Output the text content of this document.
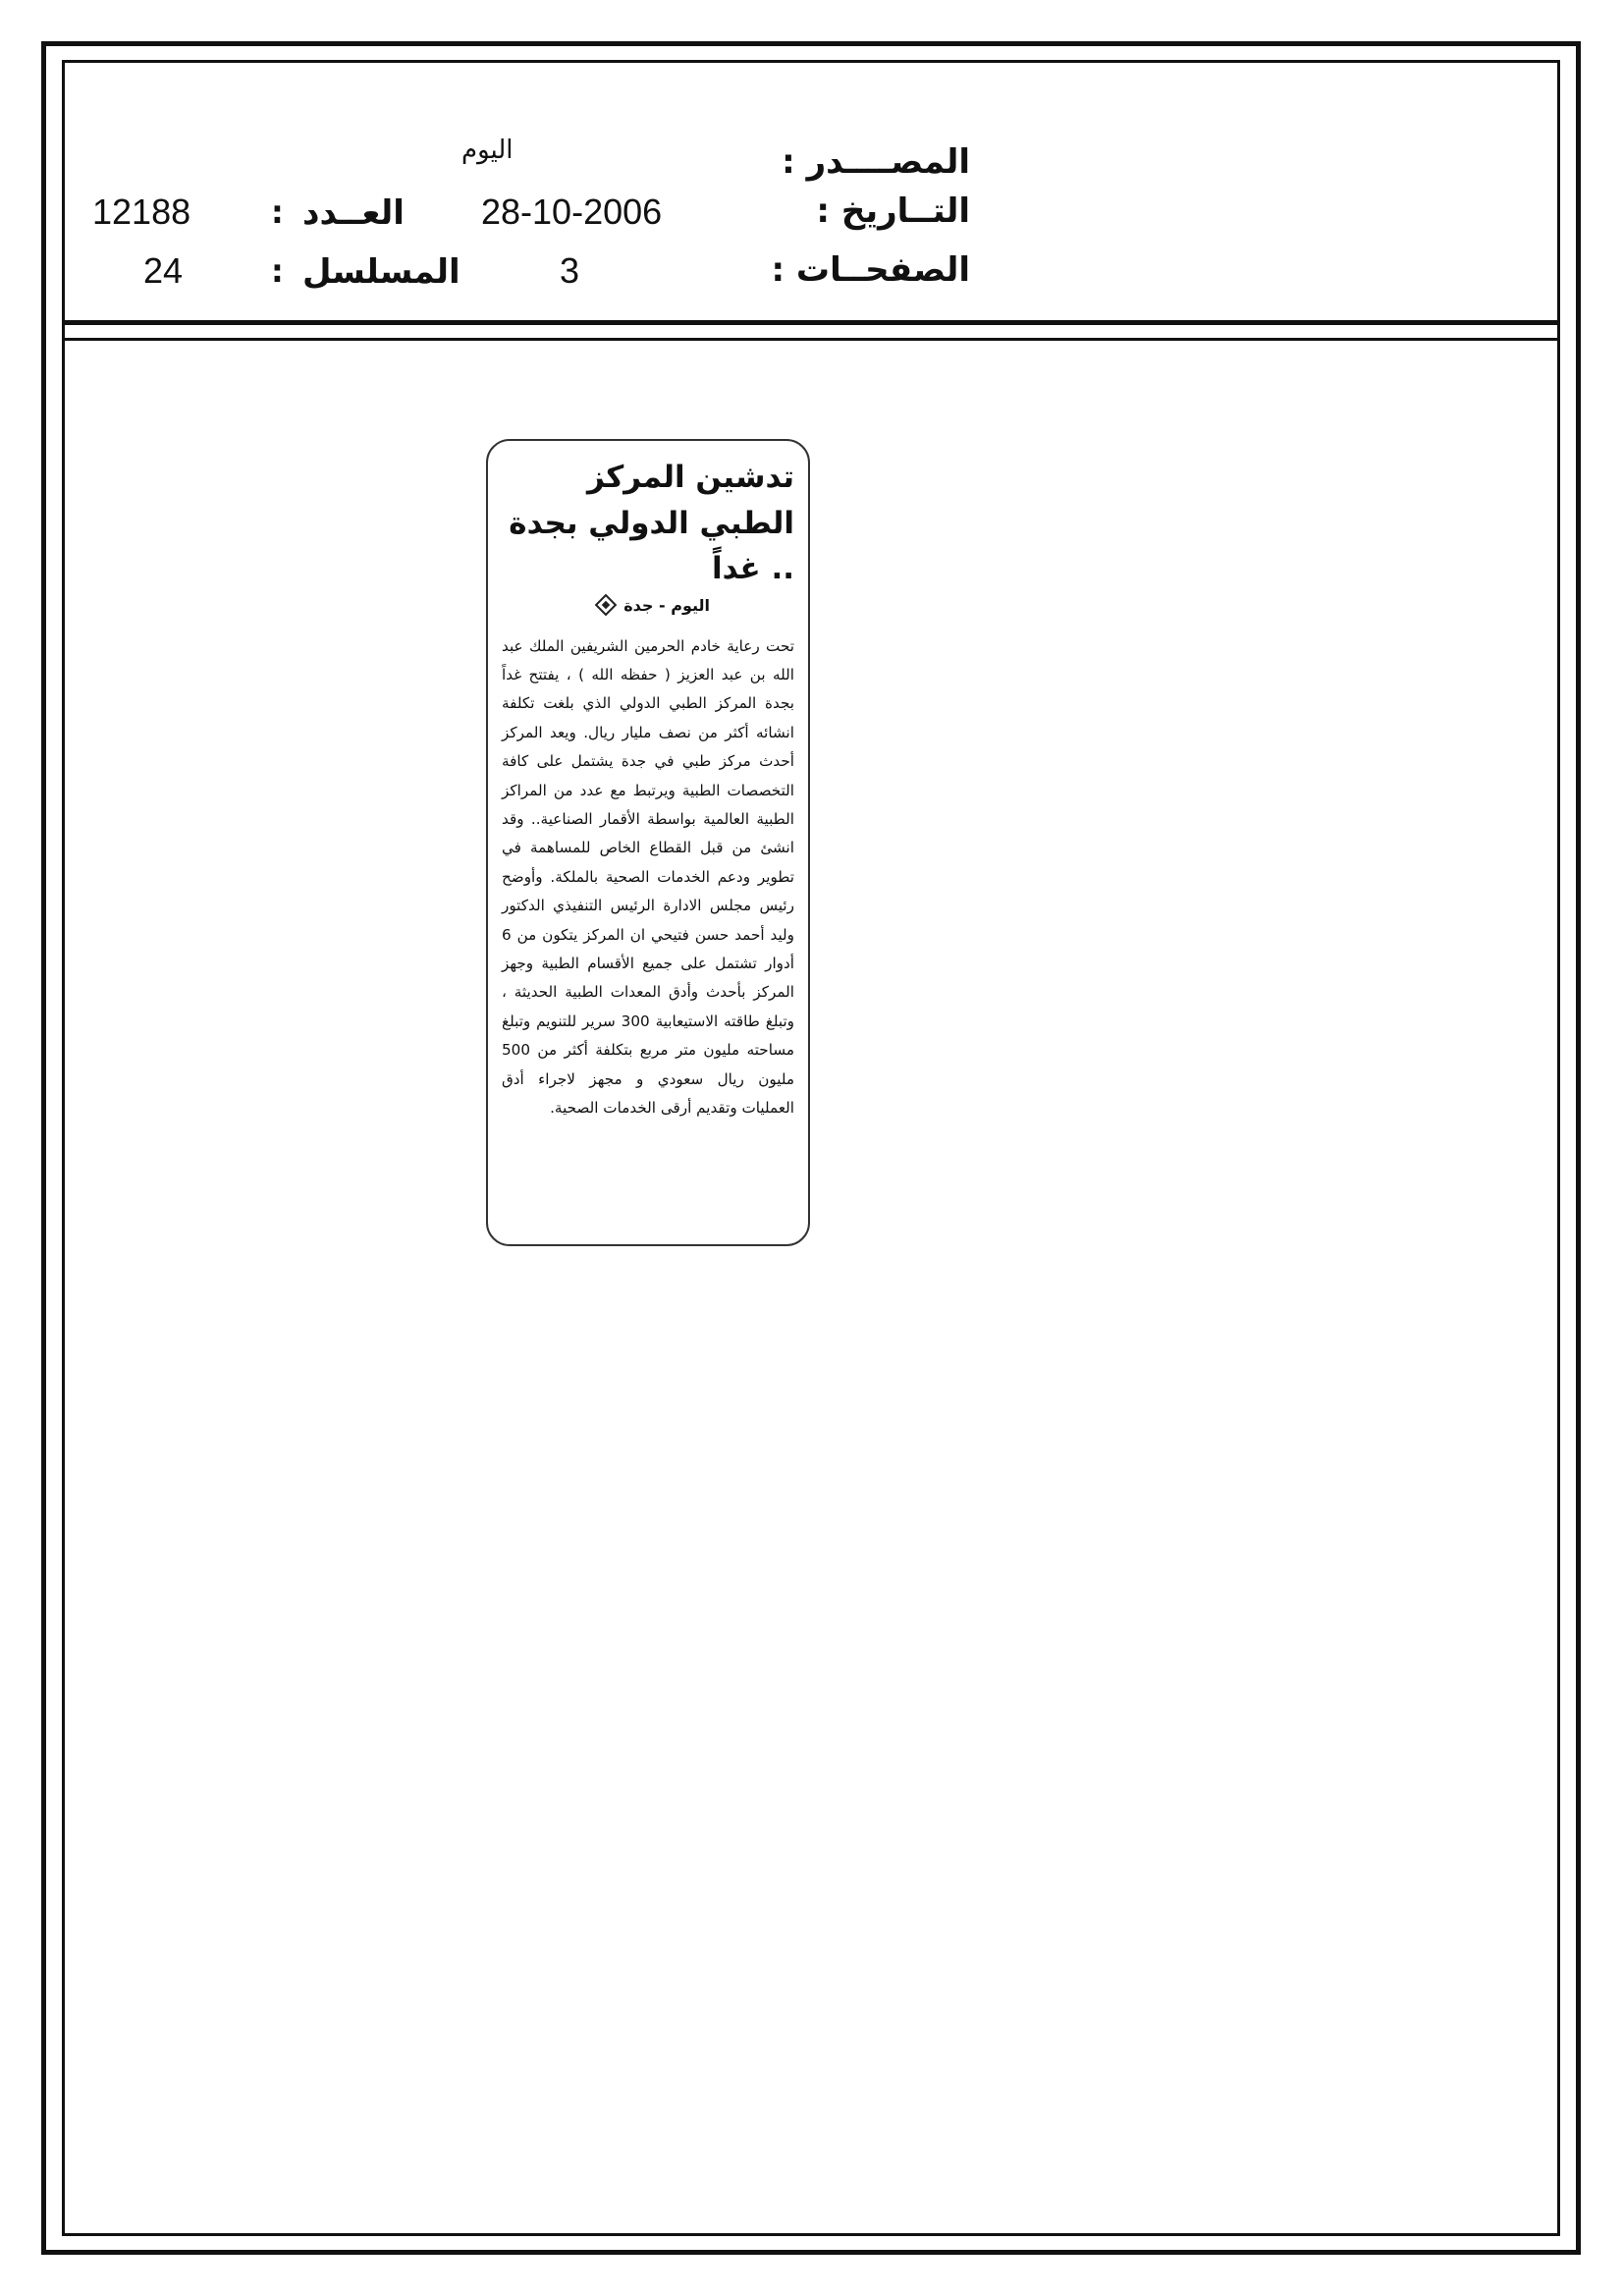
المصــــدر :
اليوم
التــاريخ :
28-10-2006
12188	: العــدد
الصفحــات :
3
24	: المسلسل
تدشين المركز الطبي الدولي بجدة .. غداً
اليوم - جدة

تحت رعاية خادم الحرمين الشريفين الملك عبد الله بن عبد العزيز ( حفظه الله ) ، يفتتح غداً بجدة المركز الطبي الدولي الذي بلغت تكلفة انشائه أكثر من نصف مليار ريال. ويعد المركز أحدث مركز طبي في جدة يشتمل على كافة التخصصات الطبية ويرتبط مع عدد من المراكز الطبية العالمية بواسطة الأقمار الصناعية.. وقد انشئ من قبل القطاع الخاص للمساهمة في تطوير ودعم الخدمات الصحية بالملكة. وأوضح رئيس مجلس الادارة الرئيس التنفيذي الدكتور وليد أحمد حسن فتيحي ان المركز يتكون من 6 أدوار تشتمل على جميع الأقسام الطبية وجهز المركز بأحدث وأدق المعدات الطبية الحديثة ، وتبلغ طاقته الاستيعابية 300 سرير للتنويم وتبلغ مساحته مليون متر مربع بتكلفة أكثر من 500 مليون ريال سعودي و مجهز لاجراء أدق العمليات وتقديم أرقى الخدمات الصحية.
